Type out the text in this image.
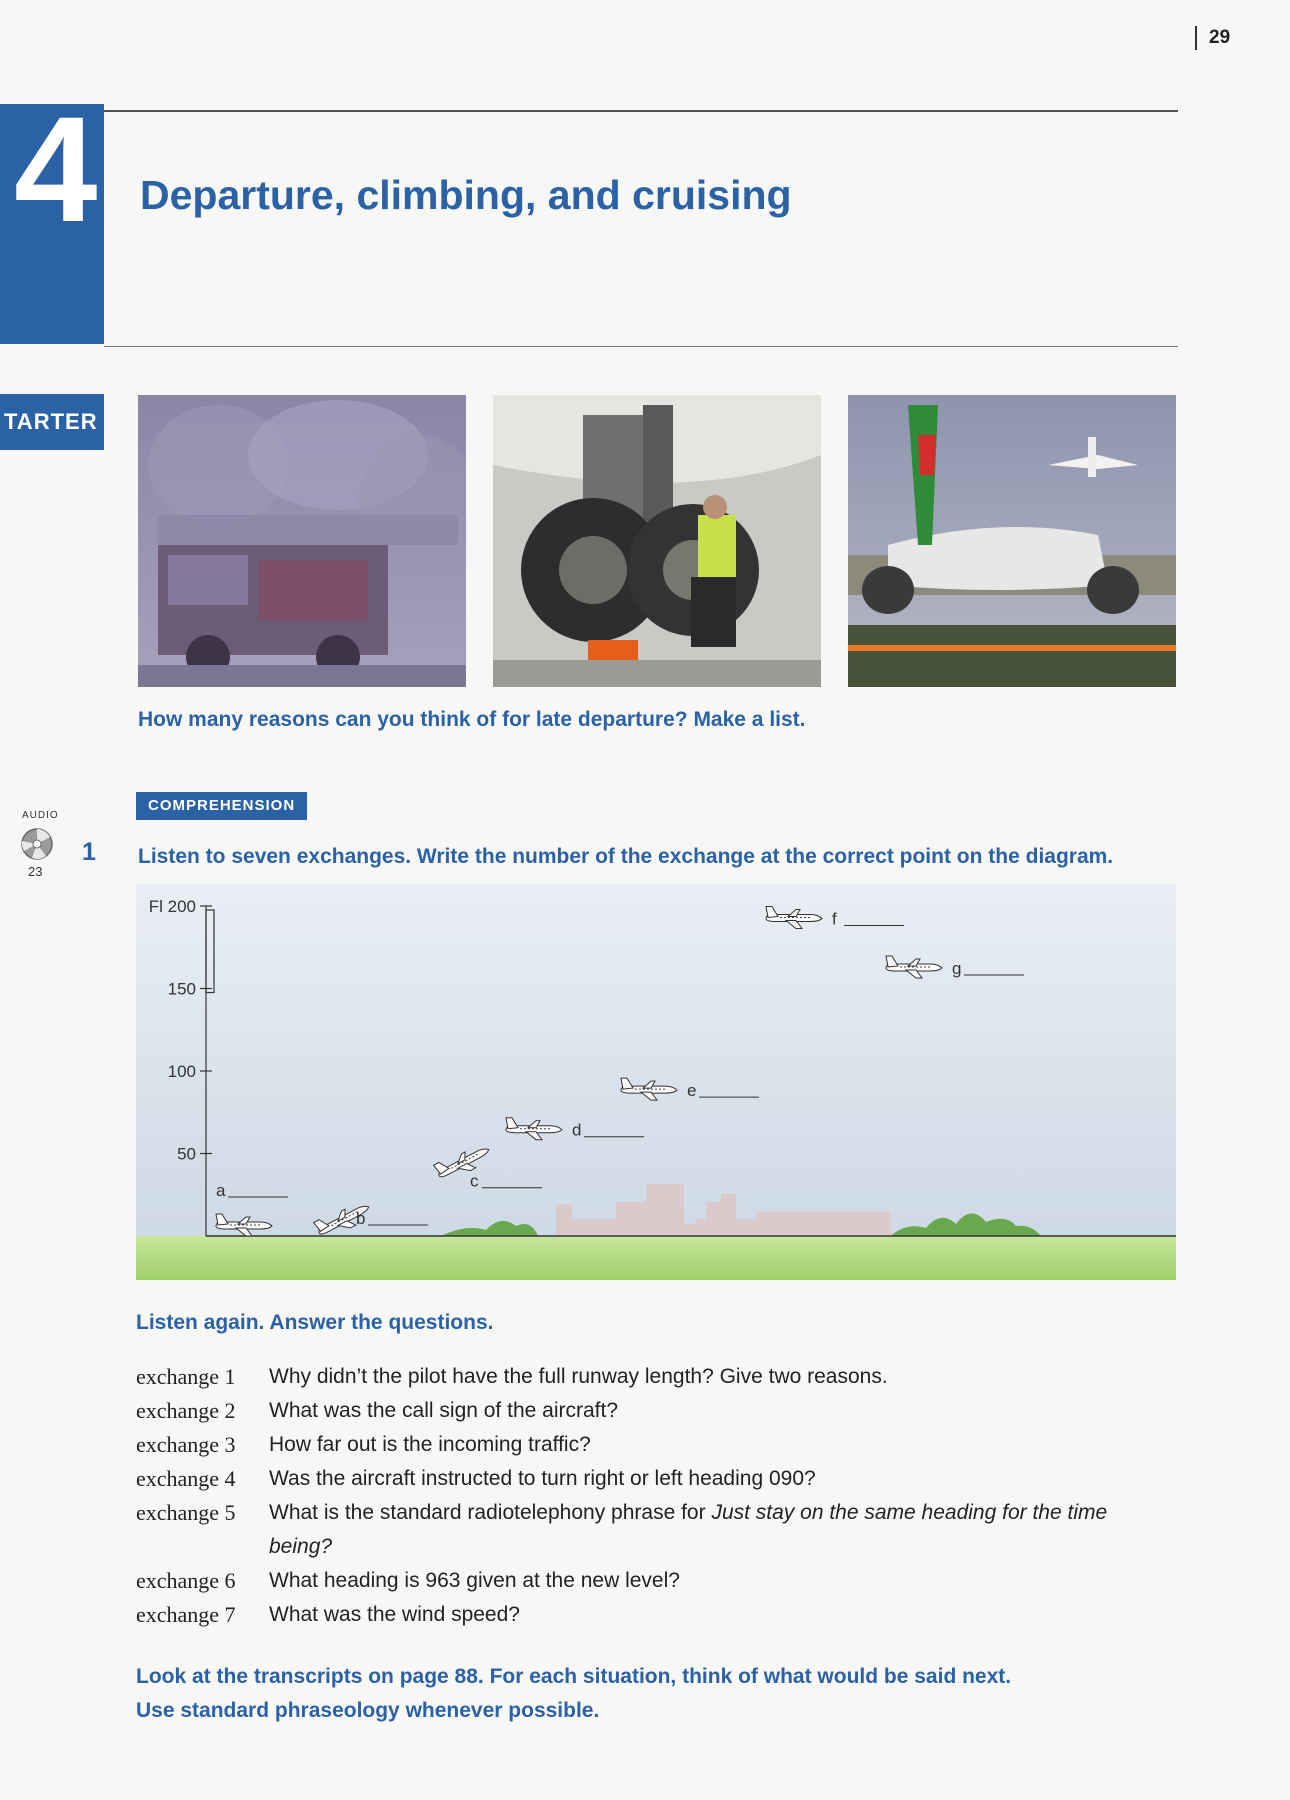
29
4 Departure, climbing, and cruising
TARTER
How many reasons can you think of for late departure? Make a list.
COMPREHENSION
AUDIO
23
1 Listen to seven exchanges. Write the number of the exchange at the correct point on the diagram.
Fl 200
150
100
50
a
b
c
d
e
f
g
Listen again. Answer the questions.
exchange 1	Why didn’t the pilot have the full runway length? Give two reasons.
exchange 2	What was the call sign of the aircraft?
exchange 3	How far out is the incoming traffic?
exchange 4	Was the aircraft instructed to turn right or left heading 090?
exchange 5	What is the standard radiotelephony phrase for Just stay on the same heading for the time being?
exchange 6	What heading is 963 given at the new level?
exchange 7	What was the wind speed?
Look at the transcripts on page 88. For each situation, think of what would be said next.
Use standard phraseology whenever possible.
